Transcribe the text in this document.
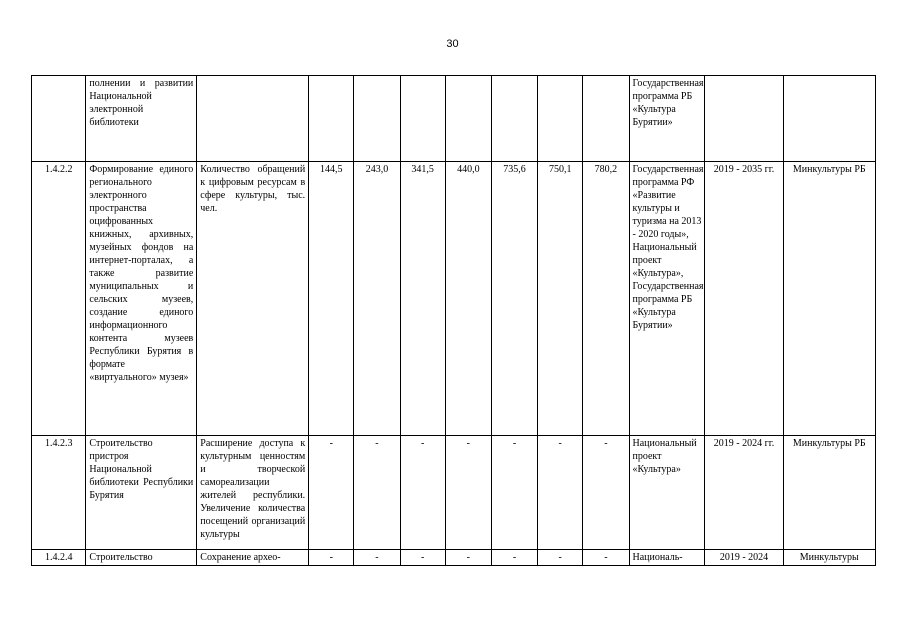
30
	полнении и развитии Национальной электронной библиотеки									Государственная программа РБ «Культура Бурятии»		
1.4.2.2	Формирование единого регионального электронного пространства оцифрованных книжных, архивных, музейных фондов на интернет-порталах, а также развитие муниципальных и сельских музеев, создание единого информационного контента музеев Республики Бурятия в формате «виртуального» музея»	Количество обращений к цифровым ресурсам в сфере культуры, тыс. чел.	144,5	243,0	341,5	440,0	735,6	750,1	780,2	Государственная программа РФ «Развитие культуры и туризма на 2013 - 2020 годы», Национальный проект «Культура», Государственная программа РБ «Культура Бурятии»	2019 - 2035 гг.	Минкультуры РБ
1.4.2.3	Строительство пристроя Национальной библиотеки Республики Бурятия	Расширение доступа к культурным ценностям и творческой самореализации жителей республики. Увеличение количества посещений организаций культуры	-	-	-	-	-	-	-	Национальный проект «Культура»	2019 - 2024 гг.	Минкультуры РБ
1.4.2.4	Строительство	Сохранение архео-	-	-	-	-	-	-	-	Националь-	2019 - 2024	Минкультуры
